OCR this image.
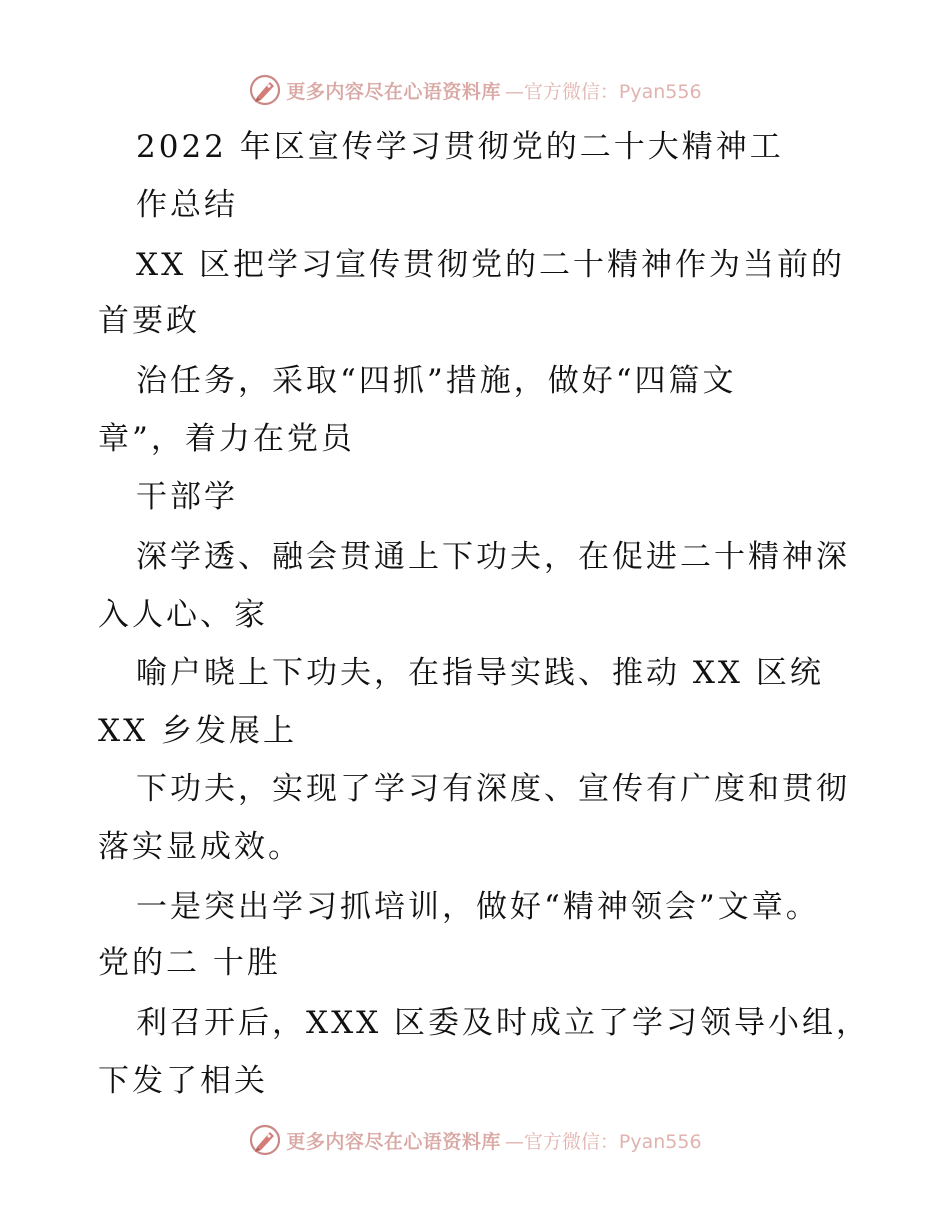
更多内容尽在心语资料库 —官方微信：Pyan556
2022 年区宣传学习贯彻党的二十大精神工
作总结
XX 区把学习宣传贯彻党的二十精神作为当前的
首要政
治任务，采取“四抓”措施，做好“四篇文
章”，着力在党员
干部学
深学透、融会贯通上下功夫，在促进二十精神深
入人心、家
喻户晓上下功夫，在指导实践、推动 XX 区统
XX 乡发展上
下功夫，实现了学习有深度、宣传有广度和贯彻
落实显成效。
一是突出学习抓培训，做好“精神领会”文章。
党的二 十胜
利召开后，XXX 区委及时成立了学习领导小组，
下发了相关
更多内容尽在心语资料库 —官方微信：Pyan556
